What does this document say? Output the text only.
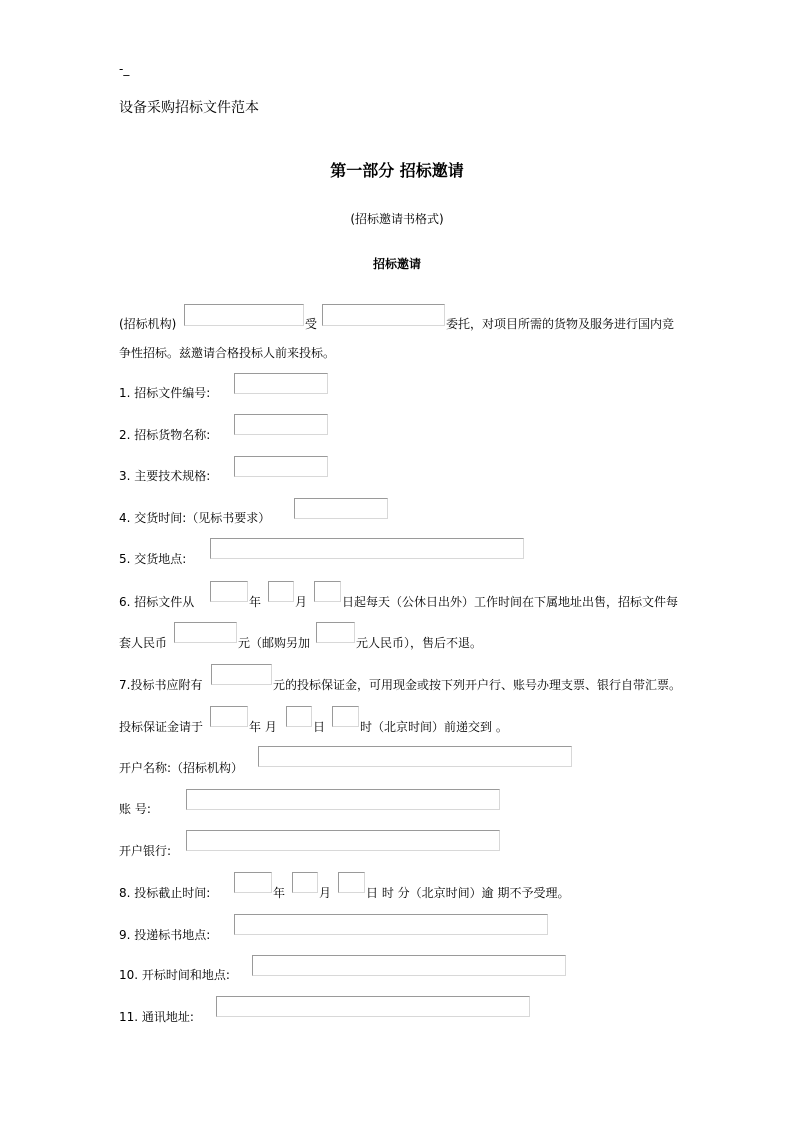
-_
设备采购招标文件范本
第一部分 招标邀请
(招标邀请书格式)
招标邀请
(招标机构)	受	委托，对项目所需的货物及服务进行国内竞
争性招标。兹邀请合格投标人前来投标。
1. 招标文件编号:
2. 招标货物名称:
3. 主要技术规格:
4. 交货时间:（见标书要求）
5. 交货地点:
6. 招标文件从	年	月	日起每天（公休日出外）工作时间在下属地址出售，招标文件每
套人民币	元（邮购另加	元人民币），售后不退。
7.投标书应附有	元的投标保证金，可用现金或按下列开户行、账号办理支票、银行自带汇票。
投标保证金请于	年 月	日	时（北京时间）前递交到 。
开户名称:（招标机构）
账 号:
开户银行:
8. 投标截止时间:	年	月	日 时 分（北京时间）逾 期不予受理。
9. 投递标书地点:
10. 开标时间和地点:
11. 通讯地址:
